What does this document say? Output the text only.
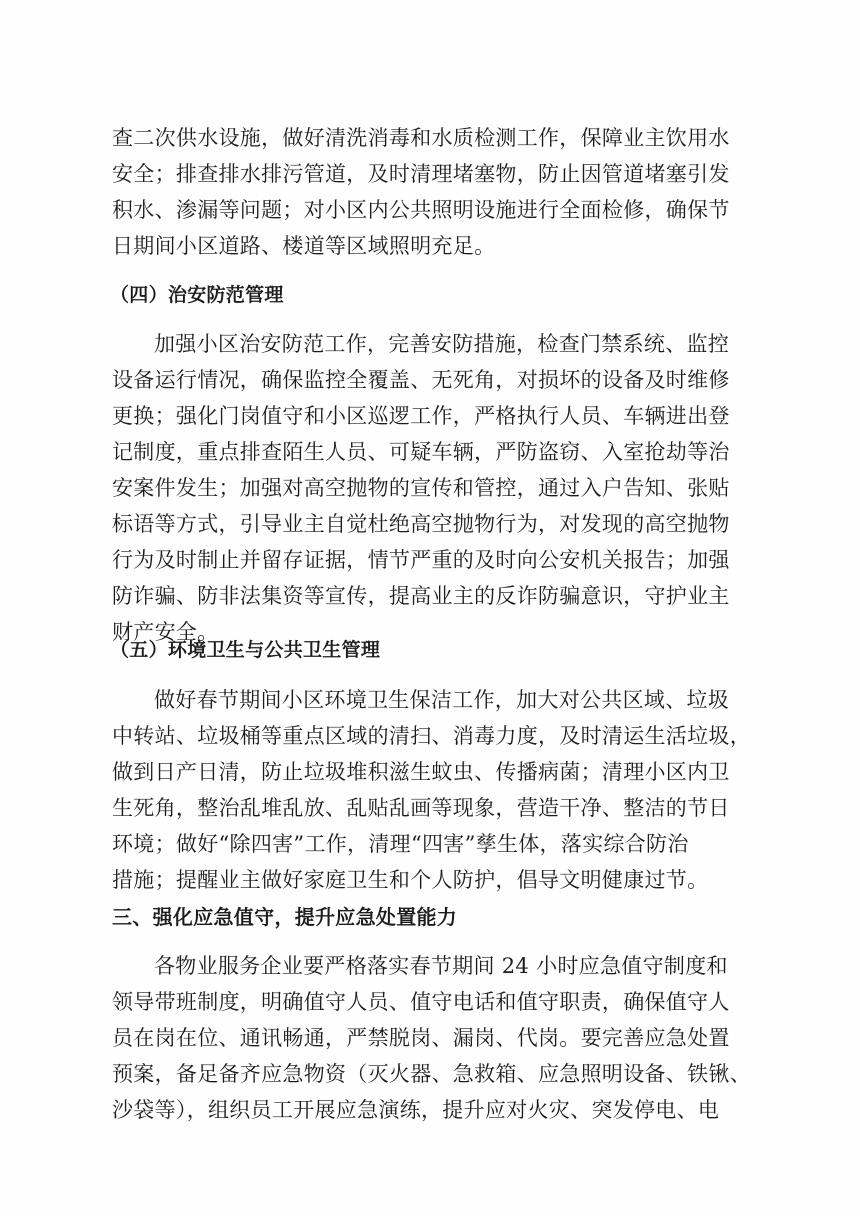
查二次供水设施，做好清洗消毒和水质检测工作，保障业主饮用水
安全；排查排水排污管道，及时清理堵塞物，防止因管道堵塞引发
积水、渗漏等问题；对小区内公共照明设施进行全面检修，确保节
日期间小区道路、楼道等区域照明充足。
（四）治安防范管理
加强小区治安防范工作，完善安防措施，检查门禁系统、监控
设备运行情况，确保监控全覆盖、无死角，对损坏的设备及时维修
更换；强化门岗值守和小区巡逻工作，严格执行人员、车辆进出登
记制度，重点排查陌生人员、可疑车辆，严防盗窃、入室抢劫等治
安案件发生；加强对高空抛物的宣传和管控，通过入户告知、张贴
标语等方式，引导业主自觉杜绝高空抛物行为，对发现的高空抛物
行为及时制止并留存证据，情节严重的及时向公安机关报告；加强
防诈骗、防非法集资等宣传，提高业主的反诈防骗意识，守护业主
财产安全。
（五）环境卫生与公共卫生管理
做好春节期间小区环境卫生保洁工作，加大对公共区域、垃圾
中转站、垃圾桶等重点区域的清扫、消毒力度，及时清运生活垃圾，
做到日产日清，防止垃圾堆积滋生蚊虫、传播病菌；清理小区内卫
生死角，整治乱堆乱放、乱贴乱画等现象，营造干净、整洁的节日
环境；做好“除四害”工作，清理“四害”孳生体，落实综合防治
措施；提醒业主做好家庭卫生和个人防护，倡导文明健康过节。
三、强化应急值守，提升应急处置能力
各物业服务企业要严格落实春节期间 24 小时应急值守制度和
领导带班制度，明确值守人员、值守电话和值守职责，确保值守人
员在岗在位、通讯畅通，严禁脱岗、漏岗、代岗。要完善应急处置
预案，备足备齐应急物资（灭火器、急救箱、应急照明设备、铁锹、
沙袋等），组织员工开展应急演练，提升应对火灾、突发停电、电
